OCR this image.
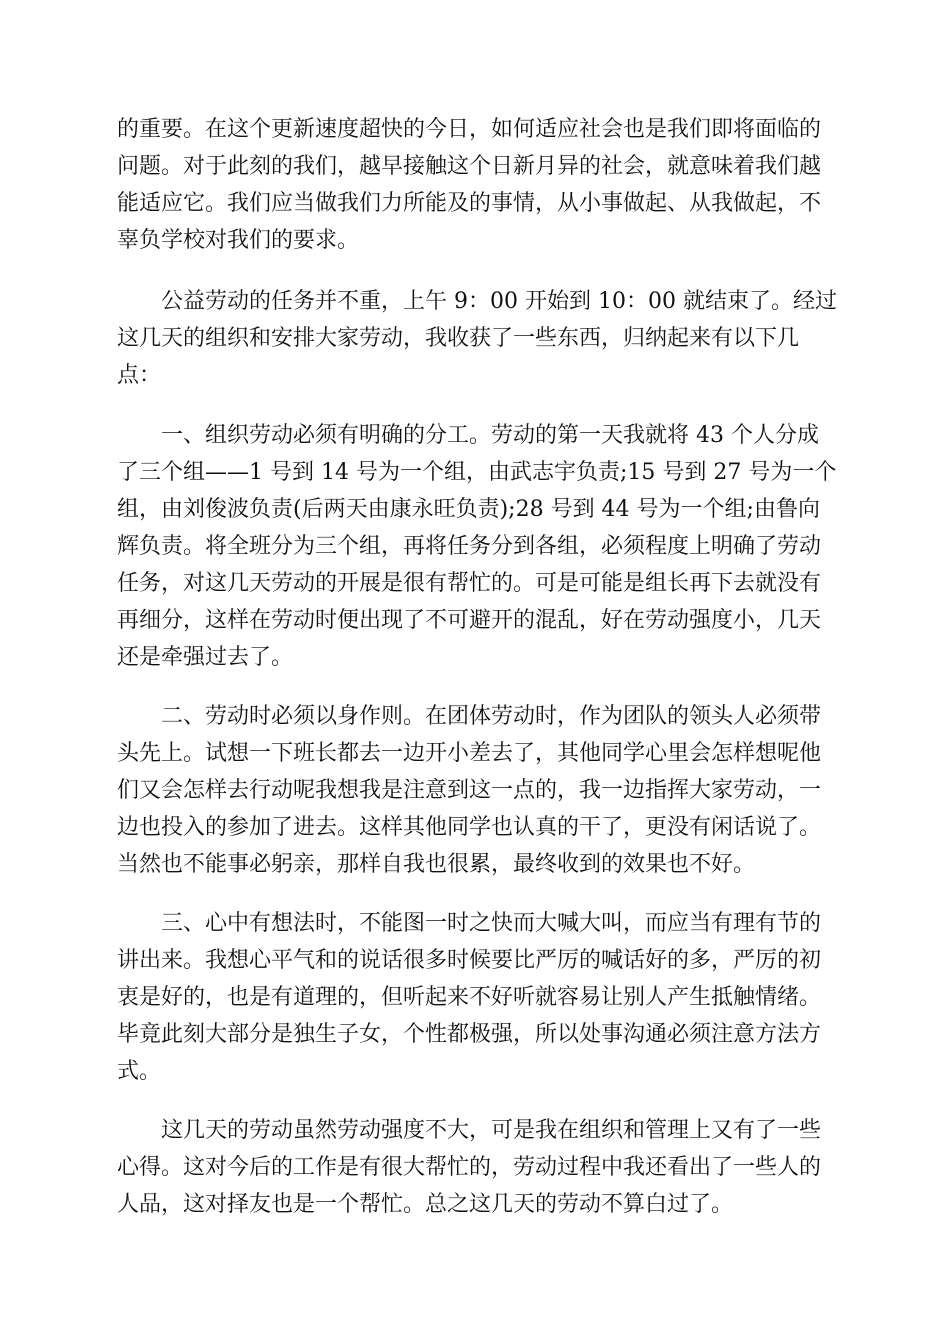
的重要。在这个更新速度超快的今日，如何适应社会也是我们即将面临的
问题。对于此刻的我们，越早接触这个日新月异的社会，就意味着我们越
能适应它。我们应当做我们力所能及的事情，从小事做起、从我做起，不
辜负学校对我们的要求。
公益劳动的任务并不重，上午 9：00 开始到 10：00 就结束了。经过
这几天的组织和安排大家劳动，我收获了一些东西，归纳起来有以下几
点：
一、组织劳动必须有明确的分工。劳动的第一天我就将 43 个人分成
了三个组——1 号到 14 号为一个组，由武志宇负责;15 号到 27 号为一个
组，由刘俊波负责(后两天由康永旺负责);28 号到 44 号为一个组;由鲁向
辉负责。将全班分为三个组，再将任务分到各组，必须程度上明确了劳动
任务，对这几天劳动的开展是很有帮忙的。可是可能是组长再下去就没有
再细分，这样在劳动时便出现了不可避开的混乱，好在劳动强度小，几天
还是牵强过去了。
二、劳动时必须以身作则。在团体劳动时，作为团队的领头人必须带
头先上。试想一下班长都去一边开小差去了，其他同学心里会怎样想呢他
们又会怎样去行动呢我想我是注意到这一点的，我一边指挥大家劳动，一
边也投入的参加了进去。这样其他同学也认真的干了，更没有闲话说了。
当然也不能事必躬亲，那样自我也很累，最终收到的效果也不好。
三、心中有想法时，不能图一时之快而大喊大叫，而应当有理有节的
讲出来。我想心平气和的说话很多时候要比严厉的喊话好的多，严厉的初
衷是好的，也是有道理的，但听起来不好听就容易让别人产生抵触情绪。
毕竟此刻大部分是独生子女，个性都极强，所以处事沟通必须注意方法方
式。
这几天的劳动虽然劳动强度不大，可是我在组织和管理上又有了一些
心得。这对今后的工作是有很大帮忙的，劳动过程中我还看出了一些人的
人品，这对择友也是一个帮忙。总之这几天的劳动不算白过了。
